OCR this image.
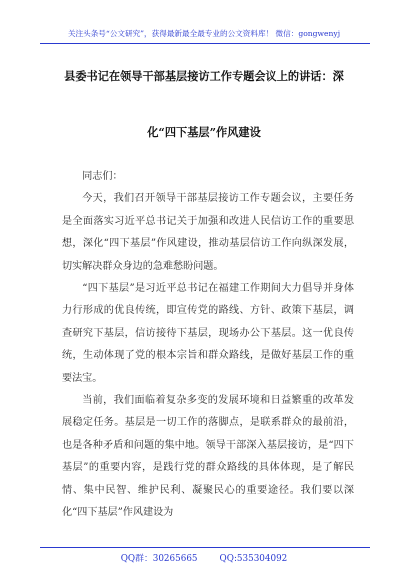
关注头条号“公文研究”，获得最新最全最专业的公文资料库！ 微信：gongwenyj
县委书记在领导干部基层接访工作专题会议上的讲话：深
化“四下基层”作风建设

同志们：

今天，我们召开领导干部基层接访工作专题会议，主要任务是全面落实习近平总书记关于加强和改进人民信访工作的重要思想，深化“四下基层”作风建设，推动基层信访工作向纵深发展，切实解决群众身边的急难愁盼问题。

“四下基层”是习近平总书记在福建工作期间大力倡导并身体力行形成的优良传统，即宣传党的路线、方针、政策下基层，调查研究下基层，信访接待下基层，现场办公下基层。这一优良传统，生动体现了党的根本宗旨和群众路线，是做好基层工作的重要法宝。

当前，我们面临着复杂多变的发展环境和日益繁重的改革发展稳定任务。基层是一切工作的落脚点，是联系群众的最前沿，也是各种矛盾和问题的集中地。领导干部深入基层接访，是“四下基层”的重要内容，是践行党的群众路线的具体体现，是了解民情、集中民智、维护民利、凝聚民心的重要途径。我们要以深化“四下基层”作风建设为

QQ群：30265665	QQ:535304092
